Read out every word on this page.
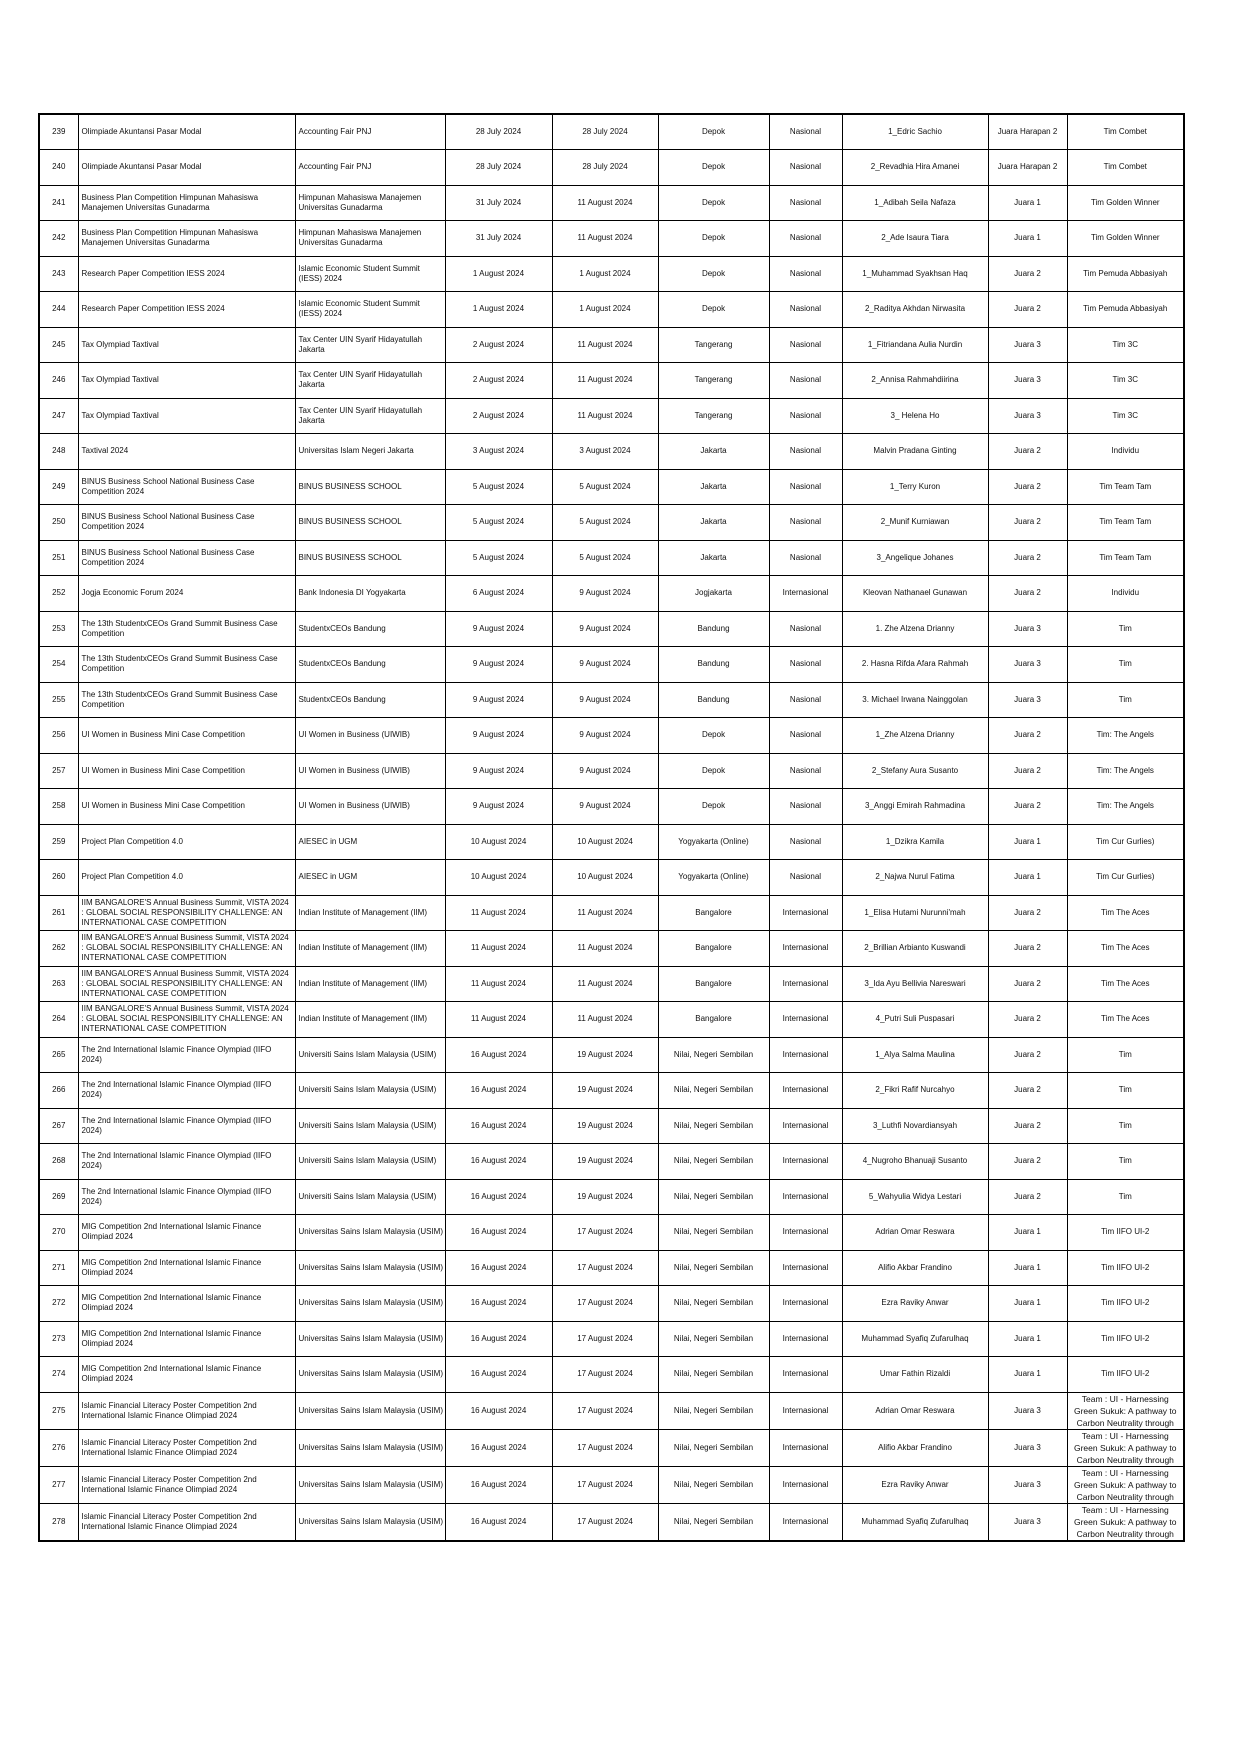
239	Olimpiade Akuntansi Pasar Modal	Accounting Fair PNJ	28 July 2024	28 July 2024	Depok	Nasional	1_Edric Sachio	Juara Harapan 2	Tim Combet
240	Olimpiade Akuntansi Pasar Modal	Accounting Fair PNJ	28 July 2024	28 July 2024	Depok	Nasional	2_Revadhia Hira Amanei	Juara Harapan 2	Tim Combet
241	Business Plan Competition Himpunan Mahasiswa Manajemen Universitas Gunadarma	Himpunan Mahasiswa Manajemen Universitas Gunadarma	31 July 2024	11 August 2024	Depok	Nasional	1_Adibah Seila Nafaza	Juara 1	Tim Golden Winner
242	Business Plan Competition Himpunan Mahasiswa Manajemen Universitas Gunadarma	Himpunan Mahasiswa Manajemen Universitas Gunadarma	31 July 2024	11 August 2024	Depok	Nasional	2_Ade Isaura Tiara	Juara 1	Tim Golden Winner
243	Research Paper Competition IESS 2024	Islamic Economic Student Summit (IESS) 2024	1 August 2024	1 August 2024	Depok	Nasional	1_Muhammad Syakhsan Haq	Juara 2	Tim Pemuda Abbasiyah
244	Research Paper Competition IESS 2024	Islamic Economic Student Summit (IESS) 2024	1 August 2024	1 August 2024	Depok	Nasional	2_Raditya Akhdan Nirwasita	Juara 2	Tim Pemuda Abbasiyah
245	Tax Olympiad Taxtival	Tax Center UIN Syarif Hidayatullah Jakarta	2 August 2024	11 August 2024	Tangerang	Nasional	1_Fitriandana Aulia Nurdin	Juara 3	Tim 3C
246	Tax Olympiad Taxtival	Tax Center UIN Syarif Hidayatullah Jakarta	2 August 2024	11 August 2024	Tangerang	Nasional	2_Annisa Rahmahdiirina	Juara 3	Tim 3C
247	Tax Olympiad Taxtival	Tax Center UIN Syarif Hidayatullah Jakarta	2 August 2024	11 August 2024	Tangerang	Nasional	3_ Helena Ho	Juara 3	Tim 3C
248	Taxtival 2024	Universitas Islam Negeri Jakarta	3 August 2024	3 August 2024	Jakarta	Nasional	Malvin Pradana Ginting	Juara 2	Individu
249	BINUS Business School National Business Case Competition 2024	BINUS BUSINESS SCHOOL	5 August 2024	5 August 2024	Jakarta	Nasional	1_Terry Kuron	Juara 2	Tim Team Tam
250	BINUS Business School National Business Case Competition 2024	BINUS BUSINESS SCHOOL	5 August 2024	5 August 2024	Jakarta	Nasional	2_Munif Kurniawan	Juara 2	Tim Team Tam
251	BINUS Business School National Business Case Competition 2024	BINUS BUSINESS SCHOOL	5 August 2024	5 August 2024	Jakarta	Nasional	3_Angelique Johanes	Juara 2	Tim Team Tam
252	Jogja Economic Forum 2024	Bank Indonesia DI Yogyakarta	6 August 2024	9 August 2024	Jogjakarta	Internasional	Kleovan Nathanael Gunawan	Juara 2	Individu
253	The 13th StudentxCEOs Grand Summit Business Case Competition	StudentxCEOs Bandung	9 August 2024	9 August 2024	Bandung	Nasional	1. Zhe Alzena Drianny	Juara 3	Tim
254	The 13th StudentxCEOs Grand Summit Business Case Competition	StudentxCEOs Bandung	9 August 2024	9 August 2024	Bandung	Nasional	2. Hasna Rifda Afara Rahmah	Juara 3	Tim
255	The 13th StudentxCEOs Grand Summit Business Case Competition	StudentxCEOs Bandung	9 August 2024	9 August 2024	Bandung	Nasional	3. Michael Irwana Nainggolan	Juara 3	Tim
256	UI Women in Business Mini Case Competition	UI Women in Business (UIWIB)	9 August 2024	9 August 2024	Depok	Nasional	1_Zhe Alzena Drianny	Juara 2	Tim: The Angels
257	UI Women in Business Mini Case Competition	UI Women in Business (UIWIB)	9 August 2024	9 August 2024	Depok	Nasional	2_Stefany Aura Susanto	Juara 2	Tim: The Angels
258	UI Women in Business Mini Case Competition	UI Women in Business (UIWIB)	9 August 2024	9 August 2024	Depok	Nasional	3_Anggi Emirah Rahmadina	Juara 2	Tim: The Angels
259	Project Plan Competition 4.0	AIESEC in UGM	10 August 2024	10 August 2024	Yogyakarta (Online)	Nasional	1_Dzikra Kamila	Juara 1	Tim Cur Gurlies)
260	Project Plan Competition 4.0	AIESEC in UGM	10 August 2024	10 August 2024	Yogyakarta (Online)	Nasional	2_Najwa Nurul Fatima	Juara 1	Tim Cur Gurlies)
261	IIM BANGALORE'S Annual Business Summit, VISTA 2024 : GLOBAL SOCIAL RESPONSIBILITY CHALLENGE: AN INTERNATIONAL CASE COMPETITION	Indian Institute of Management (IIM)	11 August 2024	11 August 2024	Bangalore	Internasional	1_Elisa Hutami Nurunni'mah	Juara 2	Tim The Aces
262	IIM BANGALORE'S Annual Business Summit, VISTA 2024 : GLOBAL SOCIAL RESPONSIBILITY CHALLENGE: AN INTERNATIONAL CASE COMPETITION	Indian Institute of Management (IIM)	11 August 2024	11 August 2024	Bangalore	Internasional	2_Brillian Arbianto Kuswandi	Juara 2	Tim The Aces
263	IIM BANGALORE'S Annual Business Summit, VISTA 2024 : GLOBAL SOCIAL RESPONSIBILITY CHALLENGE: AN INTERNATIONAL CASE COMPETITION	Indian Institute of Management (IIM)	11 August 2024	11 August 2024	Bangalore	Internasional	3_Ida Ayu Bellivia Nareswari	Juara 2	Tim The Aces
264	IIM BANGALORE'S Annual Business Summit, VISTA 2024 : GLOBAL SOCIAL RESPONSIBILITY CHALLENGE: AN INTERNATIONAL CASE COMPETITION	Indian Institute of Management (IIM)	11 August 2024	11 August 2024	Bangalore	Internasional	4_Putri Suli Puspasari	Juara 2	Tim The Aces
265	The 2nd International Islamic Finance Olympiad (IIFO 2024)	Universiti Sains Islam Malaysia (USIM)	16 August 2024	19 August 2024	Nilai, Negeri Sembilan	Internasional	1_Alya Salma Maulina	Juara 2	Tim
266	The 2nd International Islamic Finance Olympiad (IIFO 2024)	Universiti Sains Islam Malaysia (USIM)	16 August 2024	19 August 2024	Nilai, Negeri Sembilan	Internasional	2_Fikri Rafif Nurcahyo	Juara 2	Tim
267	The 2nd International Islamic Finance Olympiad (IIFO 2024)	Universiti Sains Islam Malaysia (USIM)	16 August 2024	19 August 2024	Nilai, Negeri Sembilan	Internasional	3_Luthfi Novardiansyah	Juara 2	Tim
268	The 2nd International Islamic Finance Olympiad (IIFO 2024)	Universiti Sains Islam Malaysia (USIM)	16 August 2024	19 August 2024	Nilai, Negeri Sembilan	Internasional	4_Nugroho Bhanuaji Susanto	Juara 2	Tim
269	The 2nd International Islamic Finance Olympiad (IIFO 2024)	Universiti Sains Islam Malaysia (USIM)	16 August 2024	19 August 2024	Nilai, Negeri Sembilan	Internasional	5_Wahyulia Widya Lestari	Juara 2	Tim
270	MIG Competition 2nd International Islamic Finance Olimpiad 2024	Universitas Sains Islam Malaysia (USIM)	16 August 2024	17 August 2024	Nilai, Negeri Sembilan	Internasional	Adrian Omar Reswara	Juara 1	Tim IIFO UI-2
271	MIG Competition 2nd International Islamic Finance Olimpiad 2024	Universitas Sains Islam Malaysia (USIM)	16 August 2024	17 August 2024	Nilai, Negeri Sembilan	Internasional	Alifio Akbar Frandino	Juara 1	Tim IIFO UI-2
272	MIG Competition 2nd International Islamic Finance Olimpiad 2024	Universitas Sains Islam Malaysia (USIM)	16 August 2024	17 August 2024	Nilai, Negeri Sembilan	Internasional	Ezra Raviky Anwar	Juara 1	Tim IIFO UI-2
273	MIG Competition 2nd International Islamic Finance Olimpiad 2024	Universitas Sains Islam Malaysia (USIM)	16 August 2024	17 August 2024	Nilai, Negeri Sembilan	Internasional	Muhammad Syafiq Zufarulhaq	Juara 1	Tim IIFO UI-2
274	MIG Competition 2nd International Islamic Finance Olimpiad 2024	Universitas Sains Islam Malaysia (USIM)	16 August 2024	17 August 2024	Nilai, Negeri Sembilan	Internasional	Umar Fathin Rizaldi	Juara 1	Tim IIFO UI-2
275	Islamic Financial Literacy Poster Competition 2nd International Islamic Finance Olimpiad 2024	Universitas Sains Islam Malaysia (USIM)	16 August 2024	17 August 2024	Nilai, Negeri Sembilan	Internasional	Adrian Omar Reswara	Juara 3	Team : UI - Harnessing Green Sukuk: A pathway to Carbon Neutrality through

276	Islamic Financial Literacy Poster Competition 2nd International Islamic Finance Olimpiad 2024	Universitas Sains Islam Malaysia (USIM)	16 August 2024	17 August 2024	Nilai, Negeri Sembilan	Internasional	Alifio Akbar Frandino	Juara 3	Team : UI - Harnessing Green Sukuk: A pathway to Carbon Neutrality through

277	Islamic Financial Literacy Poster Competition 2nd International Islamic Finance Olimpiad 2024	Universitas Sains Islam Malaysia (USIM)	16 August 2024	17 August 2024	Nilai, Negeri Sembilan	Internasional	Ezra Raviky Anwar	Juara 3	Team : UI - Harnessing Green Sukuk: A pathway to Carbon Neutrality through

278	Islamic Financial Literacy Poster Competition 2nd International Islamic Finance Olimpiad 2024	Universitas Sains Islam Malaysia (USIM)	16 August 2024	17 August 2024	Nilai, Negeri Sembilan	Internasional	Muhammad Syafiq Zufarulhaq	Juara 3	Team : UI - Harnessing Green Sukuk: A pathway to Carbon Neutrality through
